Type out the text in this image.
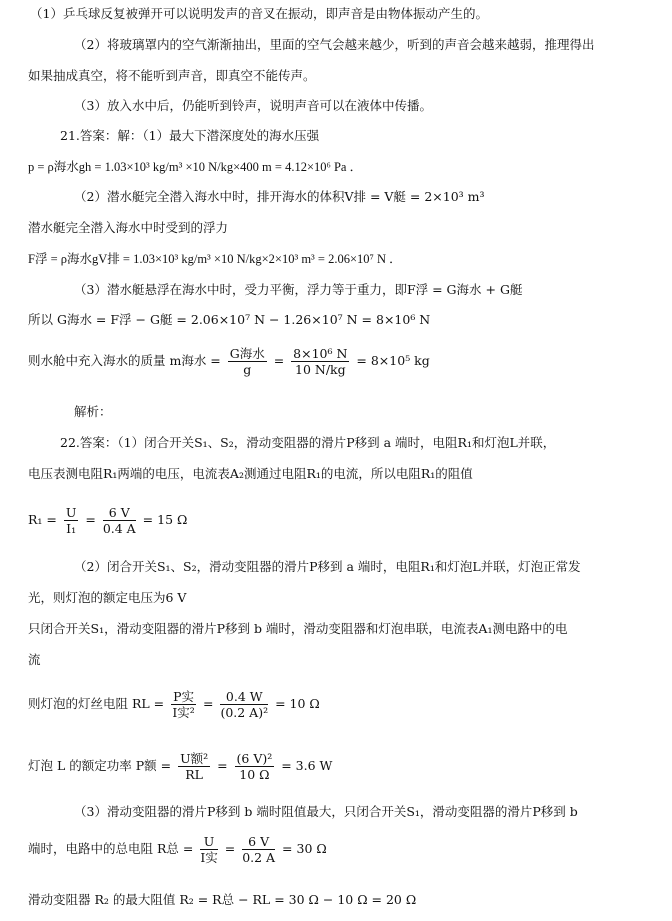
（1）乒乓球反复被弹开可以说明发声的音叉在振动，即声音是由物体振动产生的。
（2）将玻璃罩内的空气渐渐抽出，里面的空气会越来越少，听到的声音会越来越弱，推理得出
如果抽成真空，将不能听到声音，即真空不能传声。
（3）放入水中后，仍能听到铃声，说明声音可以在液体中传播。
21.答案：解：（1）最大下潜深度处的海水压强
p = ρ海水gh = 1.03×10³ kg/m³ ×10 N/kg×400 m = 4.12×10⁶ Pa ．
（2）潜水艇完全潜入海水中时，排开海水的体积V排 = V艇 = 2×10³ m³
潜水艇完全潜入海水中时受到的浮力
F浮 = ρ海水gV排 = 1.03×10³ kg/m³ ×10 N/kg×2×10³ m³ = 2.06×10⁷ N ．
（3）潜水艇悬浮在海水中时，受力平衡，浮力等于重力，即F浮 = G海水 + G艇
所以 G海水 = F浮 − G艇 = 2.06×10⁷ N − 1.26×10⁷ N = 8×10⁶ N
则水舱中充入海水的质量 m海水 = G海水
g
= $\frac{\text{8×10⁶ N}}{10 N/kg} = 8\times 10^5$ kg
解析：
22.答案：（1）闭合开关S₁、S₂，滑动变阻器的滑片P移到 a 端时，电阻R₁和灯泡L并联，
电压表测电阻R₁两端的电压，电流表A₂测通过电阻R₁的电流，所以电阻R₁的阻值
$R_1 = \frac{U}{\text{I₁}} = \frac{6 V}{0.4 A} = 15$ Ω
（2）闭合开关S₁、S₂，滑动变阻器的滑片P移到 a 端时，电阻R₁和灯泡L并联，灯泡正常发
光，则灯泡的额定电压为6 V
只闭合开关S₁，滑动变阻器的滑片P移到 b 端时，滑动变阻器和灯泡串联，电流表A₁测电路中的电
流
则灯泡的灯丝电阻 RL = P实
I实²
= $\frac{0.4 W}{\text{(0.2 A)²}} = 10$ Ω
灯泡 L 的额定功率 P额 = U额²
RL
= $\frac{\text{(6 V)²}}{10 \Omega} = 3.6$ W
（3）滑动变阻器的滑片P移到 b 端时阻值最大，只闭合开关S₁，滑动变阻器的滑片P移到 b
端时，电路中的总电阻 R总 = U
I实
= $\frac{6 V}{0.2 A} = 30$ Ω
滑动变阻器 R₂ 的最大阻值 R₂ = R总 − RL = 30 Ω − 10 Ω = 20 Ω
